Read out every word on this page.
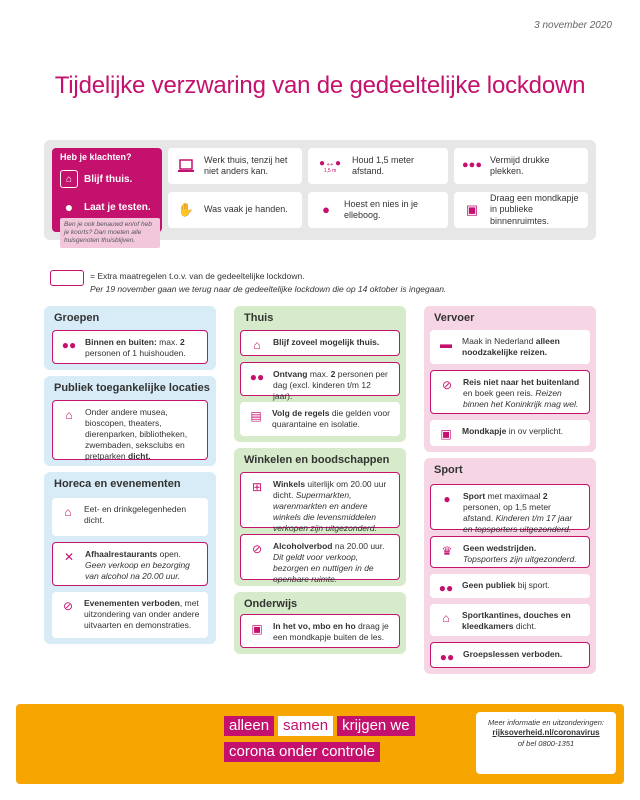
3 november 2020
Tijdelijke verzwaring van de gedeeltelijke lockdown
Heb je klachten?
⌂	Blijf thuis.
●	Laat je testen.
Ben je ook benauwd en/of heb je koorts? Dan moeten alle huisgenoten thuisblijven.
Werk thuis, tenzij het niet anders kan.
●↔●
1,5 m
Houd 1,5 meter afstand.	●●● Vermijd drukke plekken.
✋ Was vaak je handen.	●	Hoest en nies in je elleboog.	▣
Draag een mondkapje in publieke binnenruimtes.
= Extra maatregelen t.o.v. van de gedeeltelijke lockdown.
Per 19 november gaan we terug naar de gedeeltelijke lockdown die op 14 oktober is ingegaan.
Groepen
●● Binnen en buiten: max. 2 personen of 1 huishouden.
Publiek toegankelijke locaties
⌂	Onder andere musea, bioscopen, theaters, dierenparken, bibliotheken, zwembaden, seksclubs en pretparken dicht.
Horeca en evenementen
⌂	Eet- en drinkgelegenheden dicht.
✕	Afhaalrestaurants open.
Geen verkoop en bezorging van alcohol na 20.00 uur.
⊘	Evenementen verboden, met uitzondering van onder andere uitvaarten en demonstraties.
Thuis
⌂	Blijf zoveel mogelijk thuis.
●● Ontvang max. 2 personen per dag (excl. kinderen t/m 12 jaar).
▤ Volg de regels die gelden voor quarantaine en isolatie.
Winkelen en boodschappen
⊞	Winkels uiterlijk om 20.00 uur dicht. Supermarkten, warenmarkten en andere winkels die levensmiddelen verkopen zijn uitgezonderd.
⊘	Alcoholverbod na 20.00 uur. Dit geldt voor verkoop, bezorgen en nuttigen in de openbare ruimte.
Onderwijs
▣ In het vo, mbo en ho draag je een mondkapje buiten de les.
Vervoer
▬ Maak in Nederland alleen noodzakelijke reizen.
⊘	Reis niet naar het buitenland en boek geen reis. Reizen binnen het Koninkrijk mag wel.
▣ Mondkapje in ov verplicht.
Sport
●	Sport met maximaal 2 personen, op 1,5 meter afstand. Kinderen t/m 17 jaar en topsporters uitgezonderd.
♛	Geen wedstrijden. Topsporters zijn uitgezonderd.
●● Geen publiek bij sport.
⌂	Sportkantines, douches en kleedkamers dicht.
●● Groepslessen verboden.
alleen samen krijgen we
corona onder controle
Meer informatie en uitzonderingen:
rijksoverheid.nl/coronavirus
of bel 0800-1351
